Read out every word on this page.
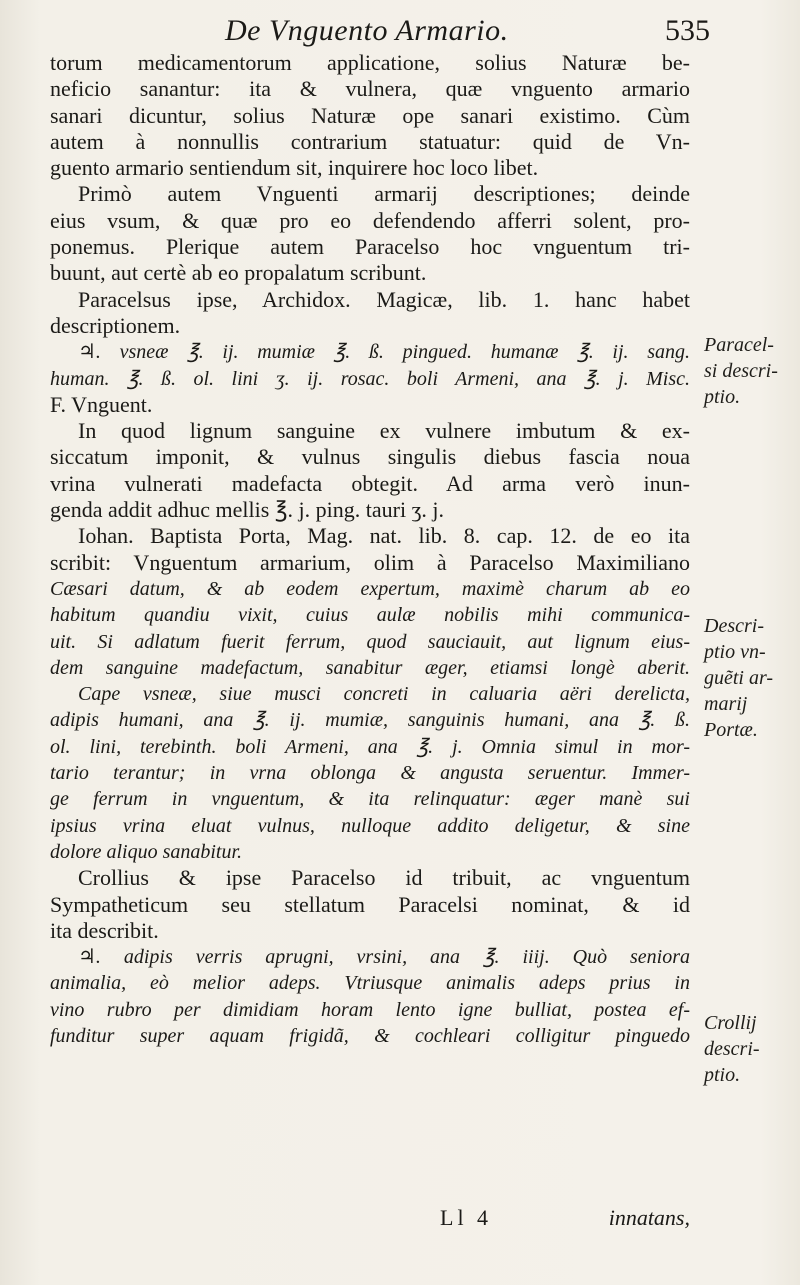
De Vnguento Armario.	535
torum medicamentorum applicatione, solius Naturæ be-
neficio sanantur: ita & vulnera, quæ vnguento armario
sanari dicuntur, solius Naturæ ope sanari existimo. Cùm
autem à nonnullis contrarium statuatur: quid de Vn-
guento armario sentiendum sit, inquirere hoc loco libet.
Primò autem Vnguenti armarij descriptiones; deinde
eius vsum, & quæ pro eo defendendo afferri solent, pro-
ponemus. Plerique autem Paracelso hoc vnguentum tri-
buunt, aut certè ab eo propalatum scribunt.
Paracelsus ipse, Archidox. Magicæ, lib. 1. hanc habet
descriptionem.
♃. vsneæ ℥. ij. mumiæ ℥. ß. pingued. humanæ ℥. ij. sang.
human. ℥. ß. ol. lini ʒ. ij. rosac. boli Armeni, ana ℥. j. Misc.
F. Vnguent.
In quod lignum sanguine ex vulnere imbutum & ex-
siccatum imponit, & vulnus singulis diebus fascia noua
vrina vulnerati madefacta obtegit. Ad arma verò inun-
genda addit adhuc mellis ℥. j. ping. tauri ʒ. j.
Iohan. Baptista Porta, Mag. nat. lib. 8. cap. 12. de eo ita
scribit: Vnguentum armarium, olim à Paracelso Maximiliano
Cæsari datum, & ab eodem expertum, maximè charum ab eo
habitum quandiu vixit, cuius aulæ nobilis mihi communica-
uit. Si adlatum fuerit ferrum, quod sauciauit, aut lignum eius-
dem sanguine madefactum, sanabitur æger, etiamsi longè aberit.
Cape vsneæ, siue musci concreti in caluaria aëri derelicta,
adipis humani, ana ℥. ij. mumiæ, sanguinis humani, ana ℥. ß.
ol. lini, terebinth. boli Armeni, ana ℥. j. Omnia simul in mor-
tario terantur; in vrna oblonga & angusta seruentur. Immer-
ge ferrum in vnguentum, & ita relinquatur: æger manè sui
ipsius vrina eluat vulnus, nulloque addito deligetur, & sine
dolore aliquo sanabitur.
Crollius & ipse Paracelso id tribuit, ac vnguentum
Sympatheticum seu stellatum Paracelsi nominat, & id
ita describit.
♃. adipis verris aprugni, vrsini, ana ℥. iiij. Quò seniora
animalia, eò melior adeps. Vtriusque animalis adeps prius in
vino rubro per dimidiam horam lento igne bulliat, postea ef-
funditur super aquam frigidã, & cochleari colligitur pinguedo
Paracel-
si descri-
ptio.
Descri-
ptio vn-
guẽti ar-
marij
Portæ.
Crollij
descri-
ptio.
Ll 4	innatans,
